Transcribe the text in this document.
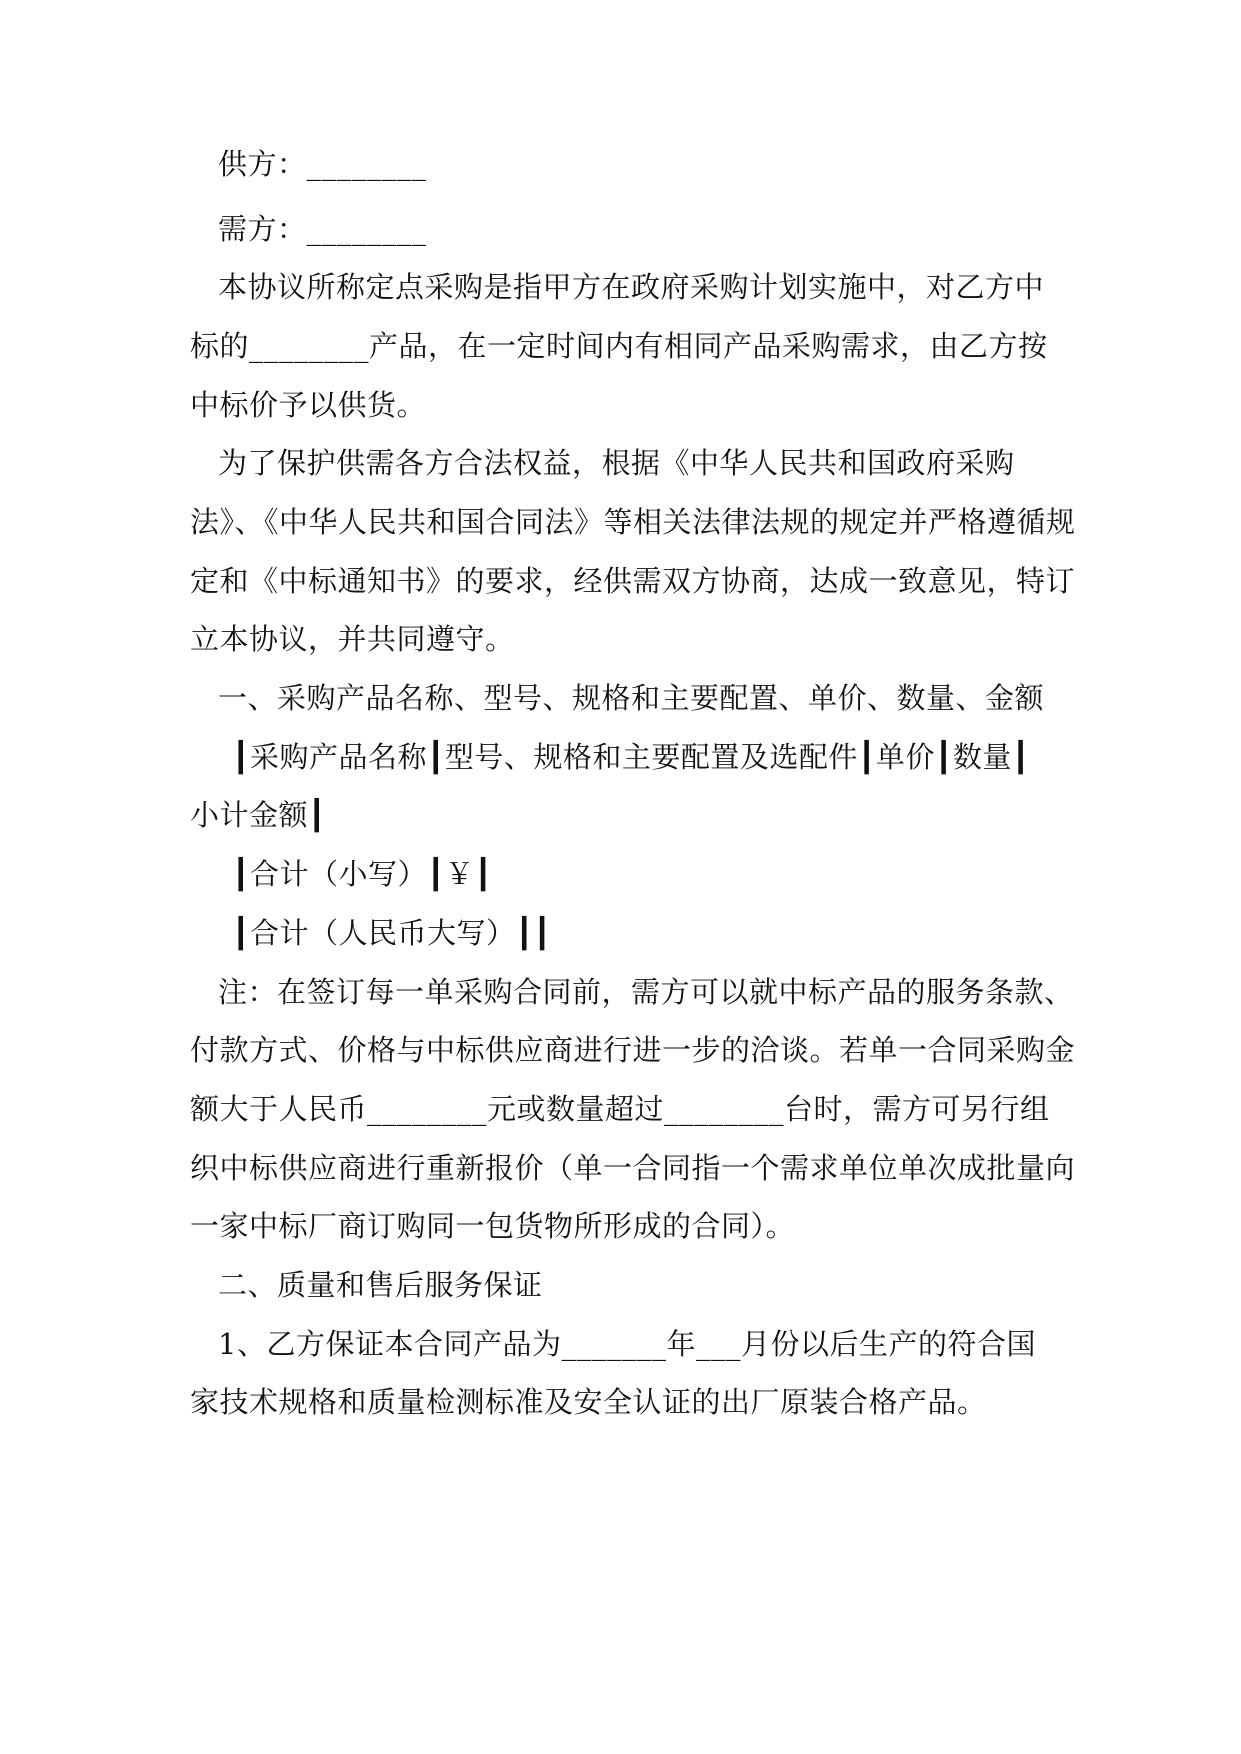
供方：________
需方：________
本协议所称定点采购是指甲方在政府采购计划实施中，对乙方中
标的________产品，在一定时间内有相同产品采购需求，由乙方按
中标价予以供货。
为了保护供需各方合法权益，根据《中华人民共和国政府采购
法》、《中华人民共和国合同法》等相关法律法规的规定并严格遵循规
定和《中标通知书》的要求，经供需双方协商，达成一致意见，特订
立本协议，并共同遵守。
一、采购产品名称、型号、规格和主要配置、单价、数量、金额
┃采购产品名称┃型号、规格和主要配置及选配件┃单价┃数量┃
小计金额┃
┃合计（小写）┃￥┃
┃合计（人民币大写）┃┃
注：在签订每一单采购合同前，需方可以就中标产品的服务条款、
付款方式、价格与中标供应商进行进一步的洽谈。若单一合同采购金
额大于人民币________元或数量超过________台时，需方可另行组
织中标供应商进行重新报价（单一合同指一个需求单位单次成批量向
一家中标厂商订购同一包货物所形成的合同）。
二、质量和售后服务保证
1、乙方保证本合同产品为_______年___月份以后生产的符合国
家技术规格和质量检测标准及安全认证的出厂原装合格产品。
